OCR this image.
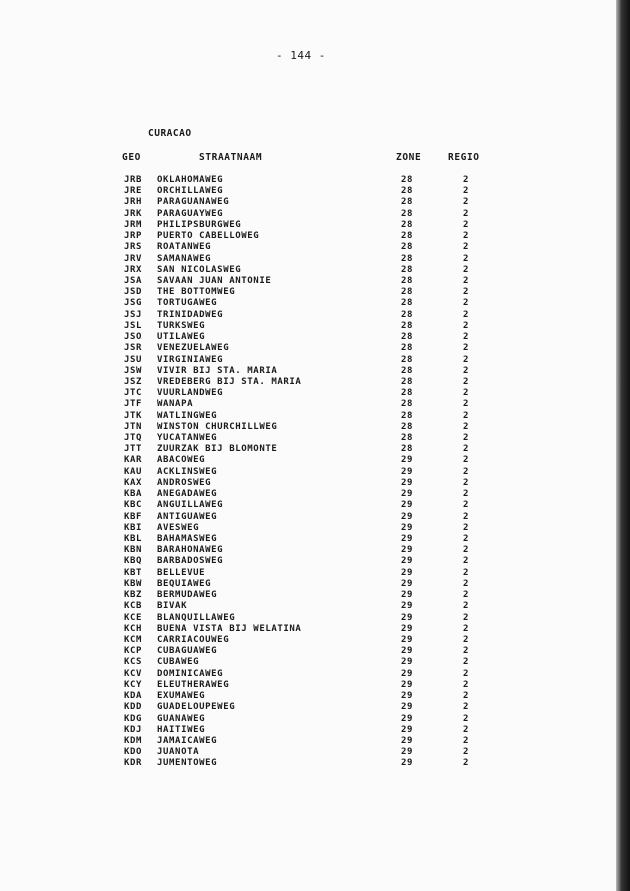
- 144 -
CURACAO
GEO	STRAATNAAM	ZONE	REGIO
JRB OKLAHOMAWEG	28	2
JRE ORCHILLAWEG	28	2
JRH PARAGUANAWEG	28	2
JRK PARAGUAYWEG	28	2
JRM PHILIPSBURGWEG	28	2
JRP PUERTO CABELLOWEG	28	2
JRS ROATANWEG	28	2
JRV SAMANAWEG	28	2
JRX SAN NICOLASWEG	28	2
JSA SAVAAN JUAN ANTONIE	28	2
JSD THE BOTTOMWEG	28	2
JSG TORTUGAWEG	28	2
JSJ TRINIDADWEG	28	2
JSL TURKSWEG	28	2
JSO UTILAWEG	28	2
JSR VENEZUELAWEG	28	2
JSU VIRGINIAWEG	28	2
JSW VIVIR BIJ STA. MARIA	28	2
JSZ VREDEBERG BIJ STA. MARIA	28	2
JTC VUURLANDWEG	28	2
JTF WANAPA	28	2
JTK WATLINGWEG	28	2
JTN WINSTON CHURCHILLWEG	28	2
JTQ YUCATANWEG	28	2
JTT ZUURZAK BIJ BLOMONTE	28	2
KAR ABACOWEG	29	2
KAU ACKLINSWEG	29	2
KAX ANDROSWEG	29	2
KBA ANEGADAWEG	29	2
KBC ANGUILLAWEG	29	2
KBF ANTIGUAWEG	29	2
KBI AVESWEG	29	2
KBL BAHAMASWEG	29	2
KBN BARAHONAWEG	29	2
KBQ BARBADOSWEG	29	2
KBT BELLEVUE	29	2
KBW BEQUIAWEG	29	2
KBZ BERMUDAWEG	29	2
KCB BIVAK	29	2
KCE BLANQUILLAWEG	29	2
KCH BUENA VISTA BIJ WELATINA	29	2
KCM CARRIACOUWEG	29	2
KCP CUBAGUAWEG	29	2
KCS CUBAWEG	29	2
KCV DOMINICAWEG	29	2
KCY ELEUTHERAWEG	29	2
KDA EXUMAWEG	29	2
KDD GUADELOUPEWEG	29	2
KDG GUANAWEG	29	2
KDJ HAITIWEG	29	2
KDM JAMAICAWEG	29	2
KDO JUANOTA	29	2
KDR JUMENTOWEG	29	2
